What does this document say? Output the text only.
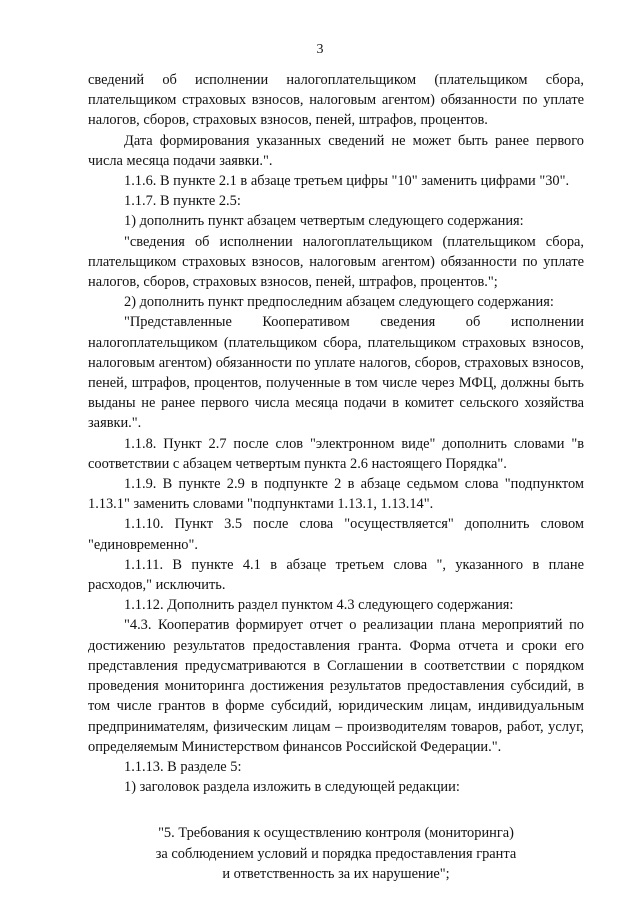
3

сведений об исполнении налогоплательщиком (плательщиком сбора, плательщиком страховых взносов, налоговым агентом) обязанности по уплате налогов, сборов, страховых взносов, пеней, штрафов, процентов.

Дата формирования указанных сведений не может быть ранее первого числа месяца подачи заявки.".

1.1.6. В пункте 2.1 в абзаце третьем цифры "10" заменить цифрами "30".

1.1.7. В пункте 2.5:

1) дополнить пункт абзацем четвертым следующего содержания:

"сведения об исполнении налогоплательщиком (плательщиком сбора, плательщиком страховых взносов, налоговым агентом) обязанности по уплате налогов, сборов, страховых взносов, пеней, штрафов, процентов.";

2) дополнить пункт предпоследним абзацем следующего содержания:

"Представленные Кооперативом сведения об исполнении налогоплательщиком (плательщиком сбора, плательщиком страховых взносов, налоговым агентом) обязанности по уплате налогов, сборов, страховых взносов, пеней, штрафов, процентов, полученные в том числе через МФЦ, должны быть выданы не ранее первого числа месяца подачи в комитет сельского хозяйства заявки.".

1.1.8. Пункт 2.7 после слов "электронном виде" дополнить словами "в соответствии с абзацем четвертым пункта 2.6 настоящего Порядка".

1.1.9. В пункте 2.9 в подпункте 2 в абзаце седьмом слова "подпунктом 1.13.1" заменить словами "подпунктами 1.13.1, 1.13.14".

1.1.10. Пункт 3.5 после слова "осуществляется" дополнить словом "единовременно".

1.1.11. В пункте 4.1 в абзаце третьем слова ", указанного в плане расходов," исключить.

1.1.12. Дополнить раздел пунктом 4.3 следующего содержания:

"4.3. Кооператив формирует отчет о реализации плана мероприятий по достижению результатов предоставления гранта. Форма отчета и сроки его представления предусматриваются в Соглашении в соответствии с порядком проведения мониторинга достижения результатов предоставления субсидий, в том числе грантов в форме субсидий, юридическим лицам, индивидуальным предпринимателям, физическим лицам – производителям товаров, работ, услуг, определяемым Министерством финансов Российской Федерации.".

1.1.13. В разделе 5:

1) заголовок раздела изложить в следующей редакции:

"5. Требования к осуществлению контроля (мониторинга)
за соблюдением условий и порядка предоставления гранта
и ответственность за их нарушение";
